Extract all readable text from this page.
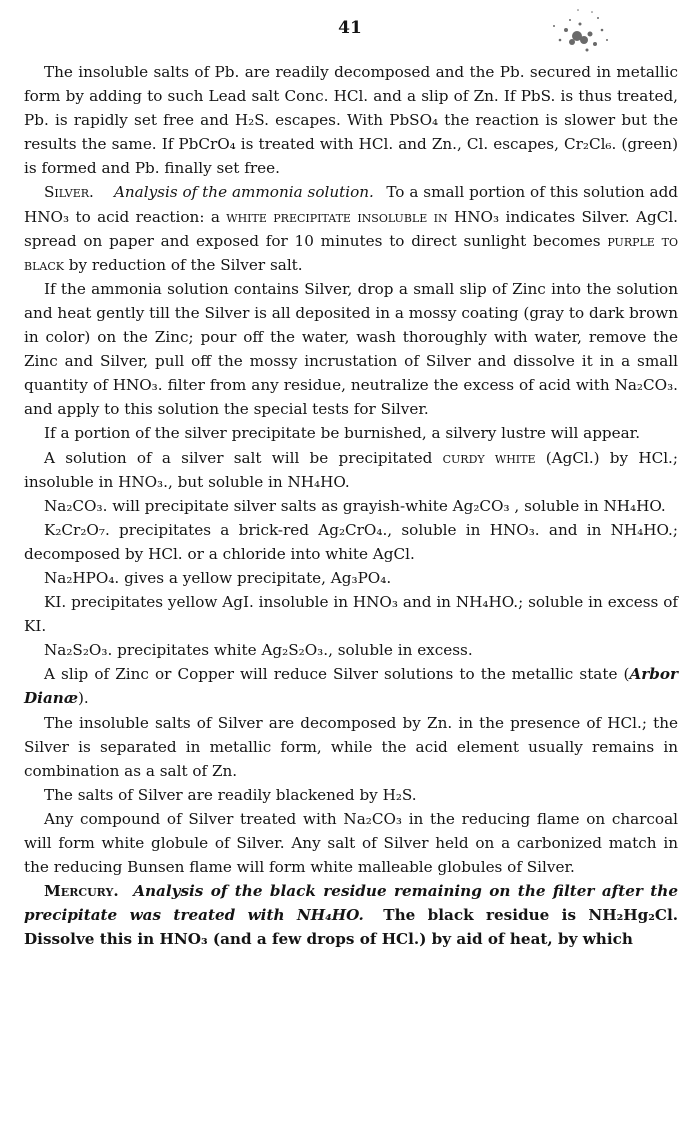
41

The insoluble salts of Pb. are readily decomposed and the Pb. secured in metallic form by adding to such Lead salt Conc. HCl. and a slip of Zn. If PbS. is thus treated, Pb. is rapidly set free and H₂S. escapes. With PbSO₄ the reaction is slower but the results the same. If PbCrO₄ is treated with HCl. and Zn., Cl. escapes, Cr₂Cl₆. (green) is formed and Pb. finally set free.

Silver.   Analysis of the ammonia solution.   To a small portion of this solution add HNO₃ to acid reaction: a white precipitate insoluble in HNO₃ indicates Silver. AgCl. spread on paper and exposed for 10 minutes to direct sunlight becomes purple to black by reduction of the Silver salt.

If the ammonia solution contains Silver, drop a small slip of Zinc into the solution and heat gently till the Silver is all deposited in a mossy coating (gray to dark brown in color) on the Zinc; pour off the water, wash thoroughly with water, remove the Zinc and Silver, pull off the mossy incrustation of Silver and dissolve it in a small quantity of HNO₃. filter from any residue, neutralize the excess of acid with Na₂CO₃. and apply to this solution the special tests for Silver.

If a portion of the silver precipitate be burnished, a silvery lustre will appear.

A solution of a silver salt will be precipitated curdy white (AgCl.) by HCl.; insoluble in HNO₃., but soluble in NH₄HO.

Na₂CO₃. will precipitate silver salts as grayish-white Ag₂CO₃ , soluble in NH₄HO.

K₂Cr₂O₇. precipitates a brick-red Ag₂CrO₄., soluble in HNO₃. and in NH₄HO.; decomposed by HCl. or a chloride into white AgCl.

Na₂HPO₄. gives a yellow precipitate, Ag₃PO₄.

KI. precipitates yellow AgI. insoluble in HNO₃ and in NH₄HO.; soluble in excess of KI.

Na₂S₂O₃. precipitates white Ag₂S₂O₃., soluble in excess.

A slip of Zinc or Copper will reduce Silver solutions to the metallic state (Arbor Dianæ).

The insoluble salts of Silver are decomposed by Zn. in the presence of HCl.; the Silver is separated in metallic form, while the acid element usually remains in combination as a salt of Zn.

The salts of Silver are readily blackened by H₂S.

Any compound of Silver treated with Na₂CO₃ in the reducing flame on charcoal will form white globule of Silver. Any salt of Silver held on a carbonized match in the reducing Bunsen flame will form white malleable globules of Silver.

Mercury.   Analysis of the black residue remaining on the filter after the precipitate was treated with NH₄HO.   The black residue is NH₂Hg₂Cl. Dissolve this in HNO₃ (and a few drops of HCl.) by aid of heat, by which
